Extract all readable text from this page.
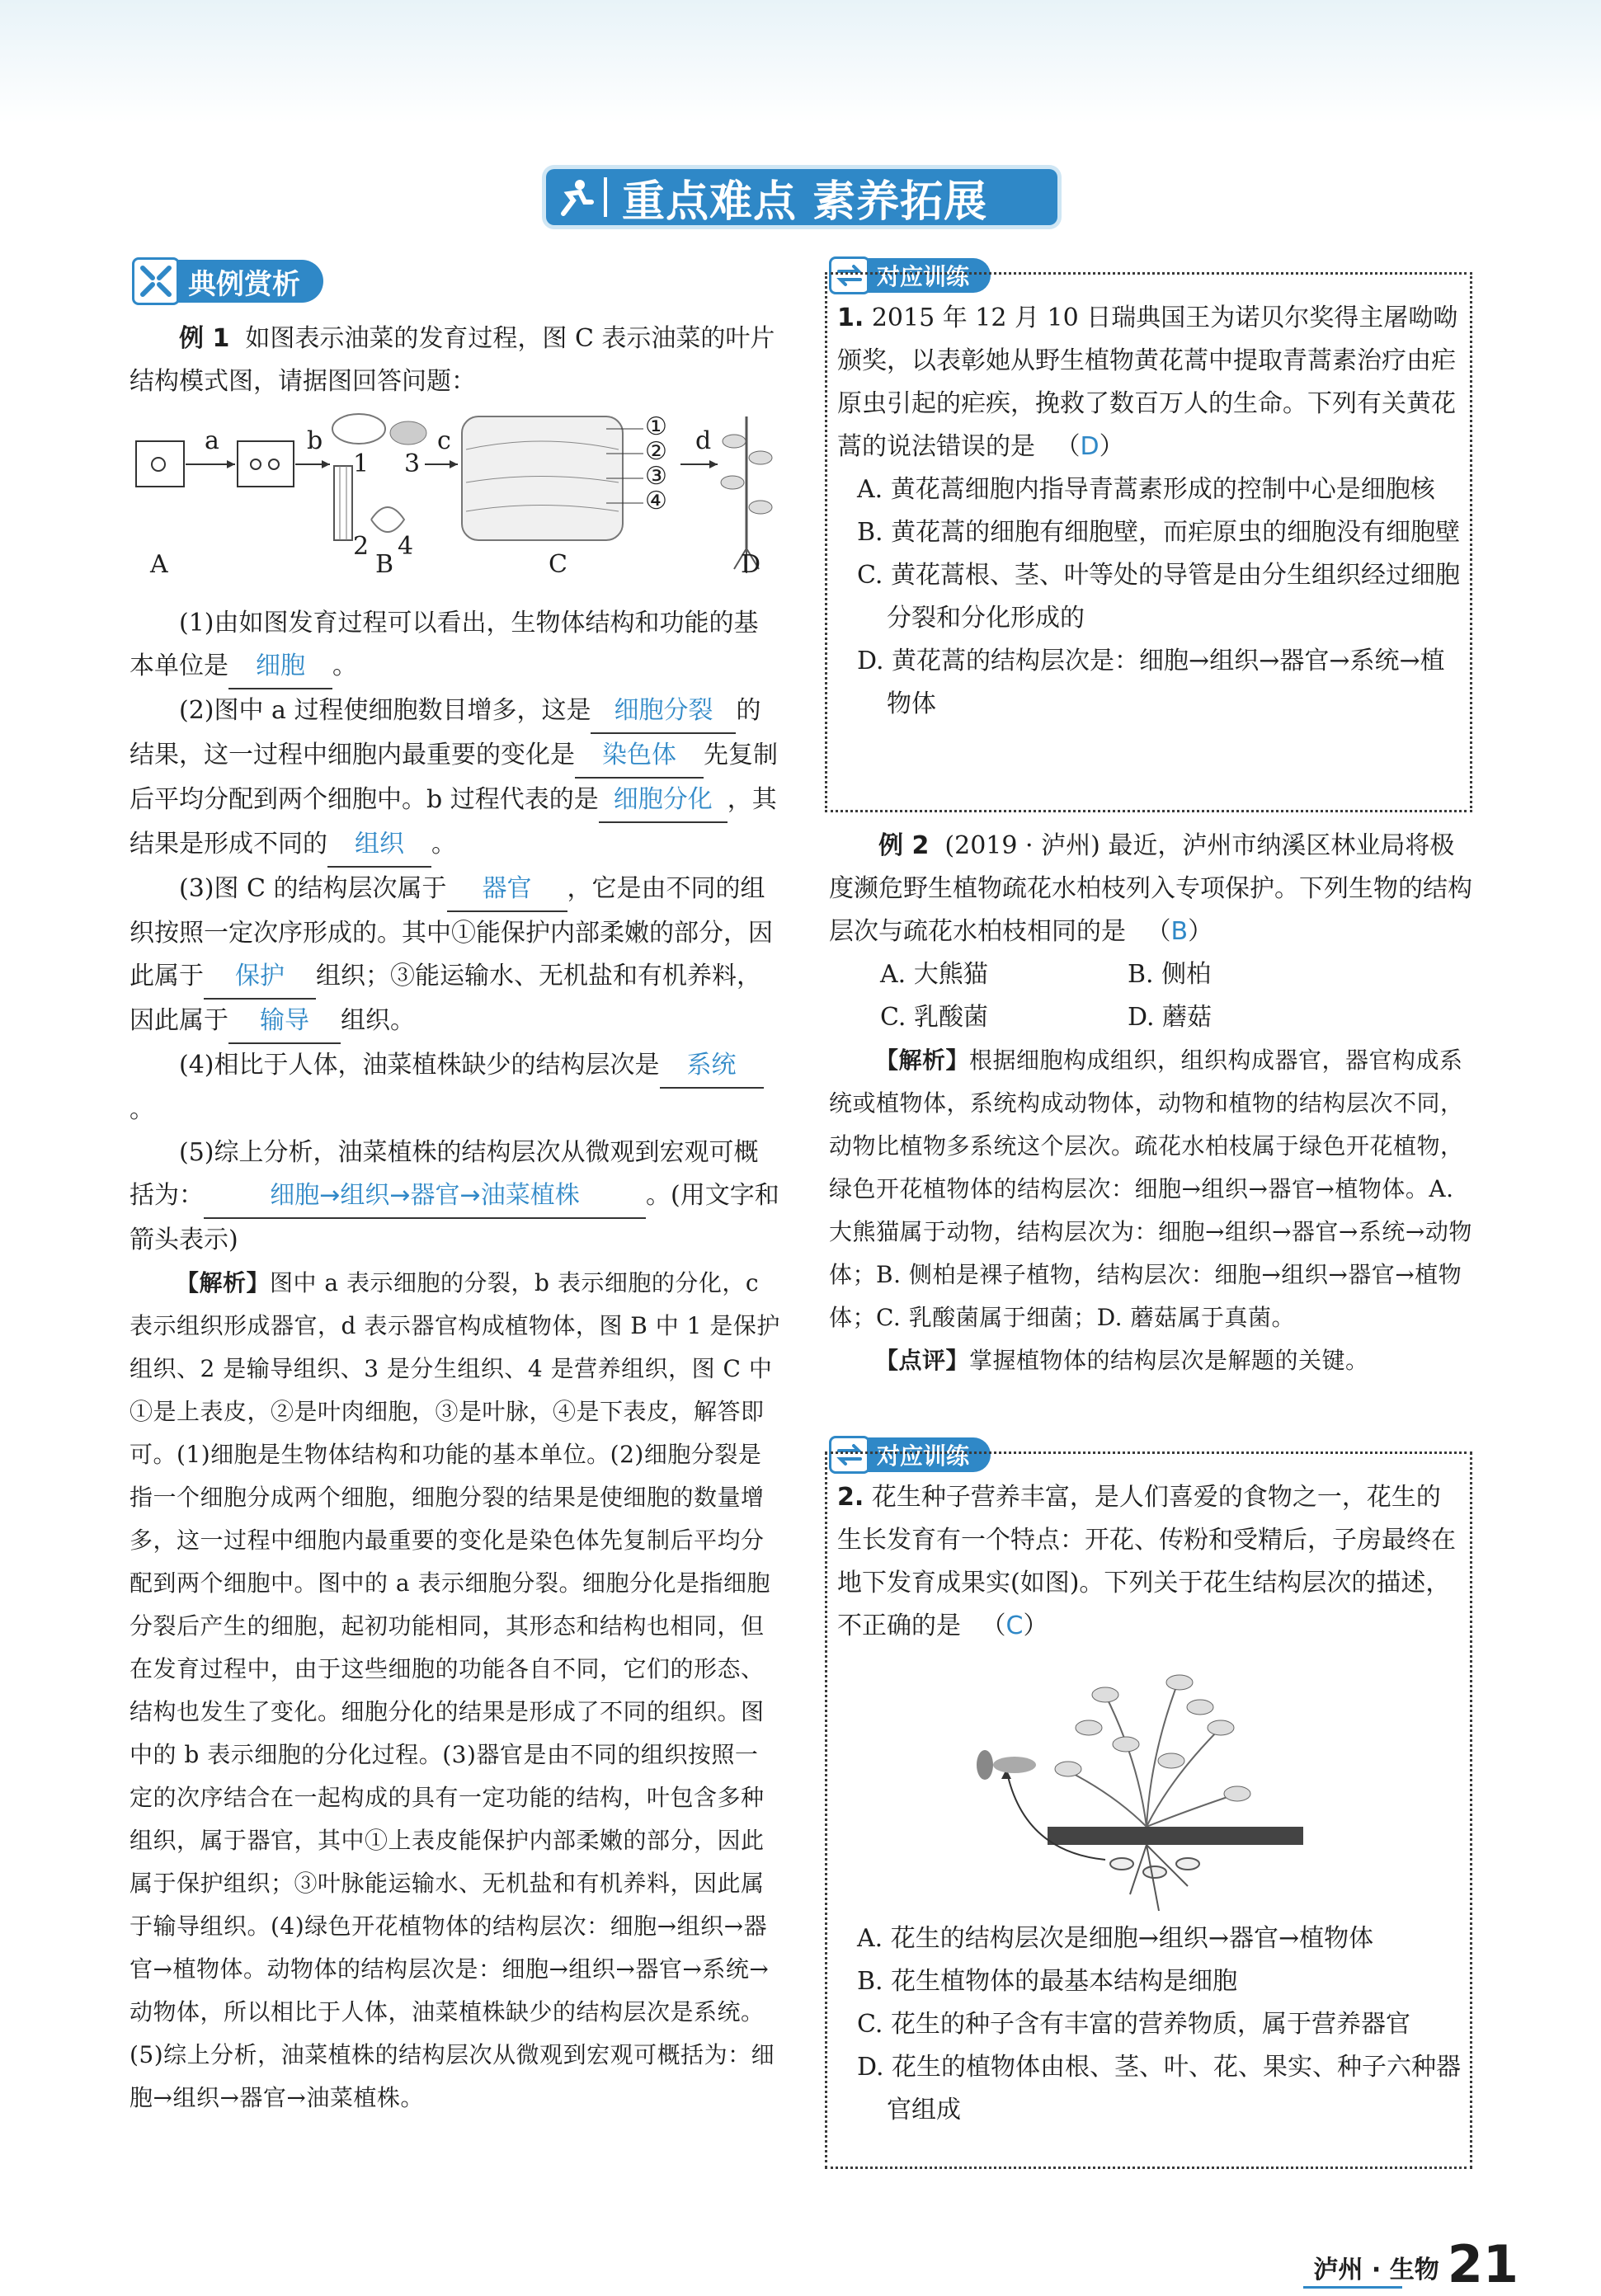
重点难点 素养拓展
典例赏析

例 1 如图表示油菜的发育过程，图 C 表示油菜的叶片结构模式图，请据图回答问题：

a	b	c	d
1
2
3
4
①
②
③
④
A	B	C	D

(1)由如图发育过程可以看出，生物体结构和功能的基本单位是 细胞 。

(2)图中 a 过程使细胞数目增多，这是 细胞分裂 的结果，这一过程中细胞内最重要的变化是 染色体 先复制后平均分配到两个细胞中。b 过程代表的是 细胞分化 ，其结果是形成不同的 组织 。

(3)图 C 的结构层次属于 器官 ，它是由不同的组织按照一定次序形成的。其中①能保护内部柔嫩的部分，因此属于 保护 组织；③能运输水、无机盐和有机养料，因此属于 输导 组织。

(4)相比于人体，油菜植株缺少的结构层次是 系统。

(5)综上分析，油菜植株的结构层次从微观到宏观可概括为：	细胞→组织→器官→油菜植株	。(用文字和箭头表示)

【解析】图中 a 表示细胞的分裂，b 表示细胞的分化，c 表示组织形成器官，d 表示器官构成植物体，图 B 中 1 是保护组织、2 是输导组织、3 是分生组织、4 是营养组织，图 C 中①是上表皮，②是叶肉细胞，③是叶脉，④是下表皮，解答即可。(1)细胞是生物体结构和功能的基本单位。(2)细胞分裂是指一个细胞分成两个细胞，细胞分裂的结果是使细胞的数量增多，这一过程中细胞内最重要的变化是染色体先复制后平均分配到两个细胞中。图中的 a 表示细胞分裂。细胞分化是指细胞分裂后产生的细胞，起初功能相同，其形态和结构也相同，但在发育过程中，由于这些细胞的功能各自不同，它们的形态、结构也发生了变化。细胞分化的结果是形成了不同的组织。图中的 b 表示细胞的分化过程。(3)器官是由不同的组织按照一定的次序结合在一起构成的具有一定功能的结构，叶包含多种组织，属于器官，其中①上表皮能保护内部柔嫩的部分，因此属于保护组织；③叶脉能运输水、无机盐和有机养料，因此属于输导组织。(4)绿色开花植物体的结构层次：细胞→组织→器官→植物体。动物体的结构层次是：细胞→组织→器官→系统→动物体，所以相比于人体，油菜植株缺少的结构层次是系统。(5)综上分析，油菜植株的结构层次从微观到宏观可概括为：细胞→组织→器官→油菜植株。

对应训练

1. 2015 年 12 月 10 日瑞典国王为诺贝尔奖得主屠呦呦颁奖，以表彰她从野生植物黄花蒿中提取青蒿素治疗由疟原虫引起的疟疾，挽救了数百万人的生命。下列有关黄花蒿的说法错误的是 　（D）

A. 黄花蒿细胞内指导青蒿素形成的控制中心是细胞核

B. 黄花蒿的细胞有细胞壁，而疟原虫的细胞没有细胞壁

C. 黄花蒿根、茎、叶等处的导管是由分生组织经过细胞分裂和分化形成的

D. 黄花蒿的结构层次是：细胞→组织→器官→系统→植物体

例 2 (2019 · 泸州) 最近，泸州市纳溪区林业局将极度濒危野生植物疏花水柏枝列入专项保护。下列生物的结构层次与疏花水柏枝相同的是 　（B）

A. 大熊猫	B. 侧柏

C. 乳酸菌	D. 蘑菇

【解析】根据细胞构成组织，组织构成器官，器官构成系统或植物体，系统构成动物体，动物和植物的结构层次不同，动物比植物多系统这个层次。疏花水柏枝属于绿色开花植物，绿色开花植物体的结构层次：细胞→组织→器官→植物体。A. 大熊猫属于动物，结构层次为：细胞→组织→器官→系统→动物体；B. 侧柏是裸子植物，结构层次：细胞→组织→器官→植物体；C. 乳酸菌属于细菌；D. 蘑菇属于真菌。

【点评】掌握植物体的结构层次是解题的关键。

对应训练

2. 花生种子营养丰富，是人们喜爱的食物之一，花生的生长发育有一个特点：开花、传粉和受精后，子房最终在地下发育成果实(如图)。下列关于花生结构层次的描述，不正确的是 　（C）

A. 花生的结构层次是细胞→组织→器官→植物体

B. 花生植物体的最基本结构是细胞

C. 花生的种子含有丰富的营养物质，属于营养器官

D. 花生的植物体由根、茎、叶、花、果实、种子六种器官组成

泸州 · 生物 21
